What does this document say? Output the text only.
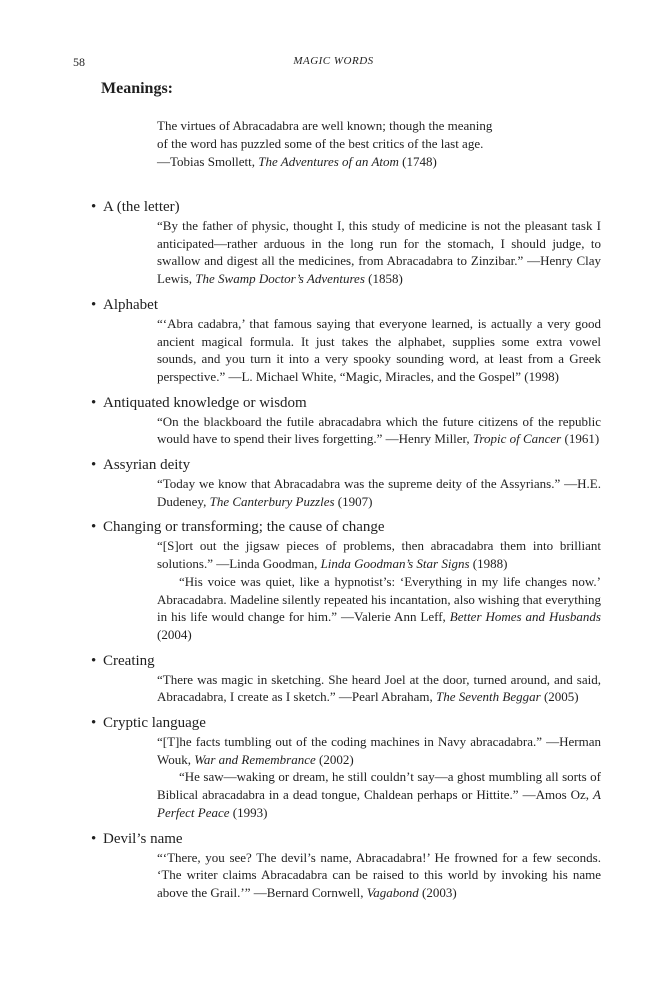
58	MAGIC WORDS
Meanings:
The virtues of Abracadabra are well known; though the meaning
of the word has puzzled some of the best critics of the last age.
—Tobias Smollett, The Adventures of an Atom (1748)
• A (the letter)
“By the father of physic, thought I, this study of medicine is not the pleasant task I anticipated—rather arduous in the long run for the stomach, I should judge, to swallow and digest all the medicines, from Abracadabra to Zinzibar.” —Henry Clay Lewis, The Swamp Doctor’s Adventures (1858)
• Alphabet
“‘Abra cadabra,’ that famous saying that everyone learned, is actually a very good ancient magical formula. It just takes the alphabet, supplies some extra vowel sounds, and you turn it into a very spooky sounding word, at least from a Greek perspective.” —L. Michael White, “Magic, Miracles, and the Gospel” (1998)
• Antiquated knowledge or wisdom
“On the blackboard the futile abracadabra which the future citizens of the republic would have to spend their lives forgetting.” —Henry Miller, Tropic of Cancer (1961)
• Assyrian deity
“Today we know that Abracadabra was the supreme deity of the Assyrians.” —H.E. Dudeney, The Canterbury Puzzles (1907)
• Changing or transforming; the cause of change
“[S]ort out the jigsaw pieces of problems, then abracadabra them into brilliant solutions.” —Linda Goodman, Linda Goodman’s Star Signs (1988)
“His voice was quiet, like a hypnotist’s: ‘Everything in my life changes now.’ Abracadabra. Madeline silently repeated his incantation, also wishing that everything in his life would change for him.” —Valerie Ann Leff, Better Homes and Husbands (2004)
• Creating
“There was magic in sketching. She heard Joel at the door, turned around, and said, Abracadabra, I create as I sketch.” —Pearl Abraham, The Seventh Beggar (2005)
• Cryptic language
“[T]he facts tumbling out of the coding machines in Navy abracadabra.” —Herman Wouk, War and Remembrance (2002)
“He saw—waking or dream, he still couldn’t say—a ghost mumbling all sorts of Biblical abracadabra in a dead tongue, Chaldean perhaps or Hittite.” —Amos Oz, A Perfect Peace (1993)
• Devil’s name
“‘There, you see? The devil’s name, Abracadabra!’ He frowned for a few seconds. ‘The writer claims Abracadabra can be raised to this world by invoking his name above the Grail.’” —Bernard Cornwell, Vagabond (2003)
